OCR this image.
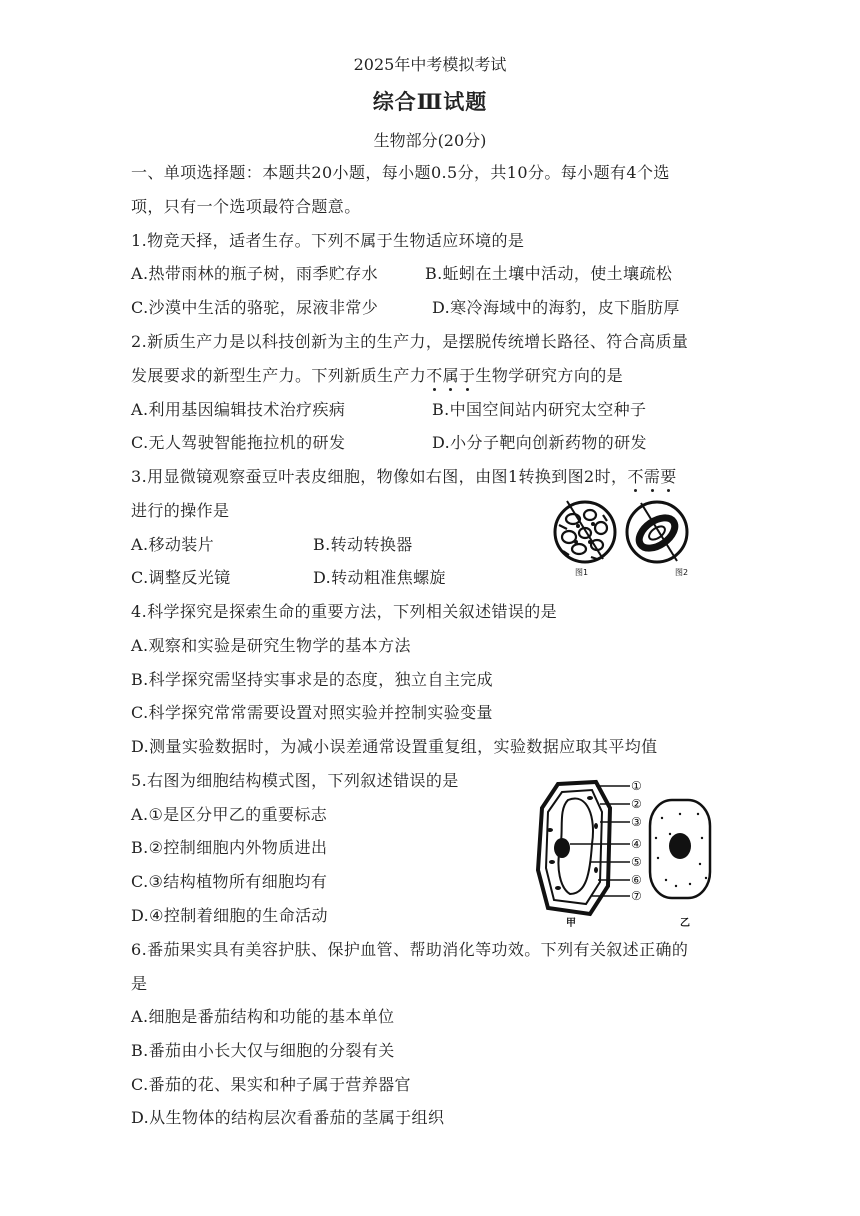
2025年中考模拟考试
综合Ⅲ试题
生物部分(20分)
一、单项选择题：本题共20小题，每小题0.5分，共10分。每小题有4个选
项，只有一个选项最符合题意。
1.物竞天择，适者生存。下列不属于生物适应环境的是
A.热带雨林的瓶子树，雨季贮存水	B.蚯蚓在土壤中活动，使土壤疏松
C.沙漠中生活的骆驼，尿液非常少	D.寒冷海域中的海豹，皮下脂肪厚
2.新质生产力是以科技创新为主的生产力，是摆脱传统增长路径、符合高质量
发展要求的新型生产力。下列新质生产力不属于生物学研究方向的是
A.利用基因编辑技术治疗疾病	B.中国空间站内研究太空种子
C.无人驾驶智能拖拉机的研发	D.小分子靶向创新药物的研发
3.用显微镜观察蚕豆叶表皮细胞，物像如右图，由图1转换到图2时，不需要
进行的操作是
A.移动装片	B.转动转换器
C.调整反光镜	D.转动粗准焦螺旋	图1	图2
4.科学探究是探索生命的重要方法，下列相关叙述错误的是
A.观察和实验是研究生物学的基本方法
B.科学探究需坚持实事求是的态度，独立自主完成
C.科学探究常常需要设置对照实验并控制实验变量
D.测量实验数据时，为减小误差通常设置重复组，实验数据应取其平均值
5.右图为细胞结构模式图，下列叙述错误的是
A.①是区分甲乙的重要标志
B.②控制细胞内外物质进出
C.③结构植物所有细胞均有
D.④控制着细胞的生命活动	甲
①
②
③
④
⑤
⑥
⑦
乙
6.番茄果实具有美容护肤、保护血管、帮助消化等功效。下列有关叙述正确的
是
A.细胞是番茄结构和功能的基本单位
B.番茄由小长大仅与细胞的分裂有关
C.番茄的花、果实和种子属于营养器官
D.从生物体的结构层次看番茄的茎属于组织
